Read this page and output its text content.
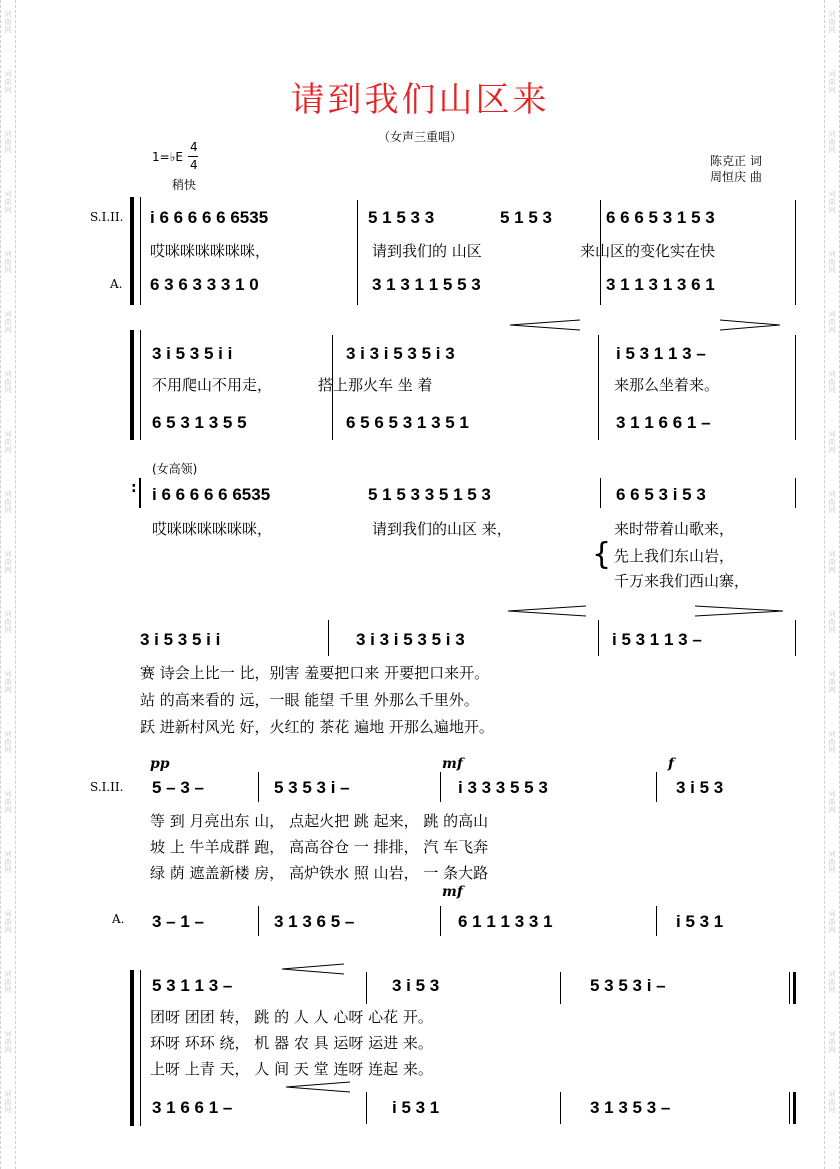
词曲网
词曲网
词曲网
词曲网
词曲网
词曲网
词曲网
词曲网
词曲网
词曲网
词曲网
词曲网
词曲网
词曲网
词曲网
词曲网
词曲网
词曲网
词曲网
词曲网
词曲网
词曲网
词曲网
词曲网
词曲网
词曲网
词曲网
词曲网
词曲网
词曲网
词曲网
词曲网
词曲网
词曲网
词曲网
词曲网
词曲网
词曲网
请到我们山区来
（女声三重唱）
1=♭E
4
4
稍快
陈克正 词
周恒庆 曲
S.I.II.
A.
i 6 6 6 6 6 6535	5 1 5 3 3	5 1 5 3	6 6 6 5 3 1 5 3
哎咪咪咪咪咪咪，	请到我们的 山区	来山区的变化实在快
6 3 6 3 3 3 1 0	3 1 3 1 1 5 5 3	3 1 1 3 1 3 6 1
3 i 5 3 5 i i	3 i 3 i 5 3 5 i 3	i 5 3 1 1 3 –
不用爬山不用走，	搭上那火车 坐 着	来那么坐着来。
6 5 3 1 3 5 5	6 5 6 5 3 1 3 5 1	3 1 1 6 6 1 –
(女高领)
: i 6 6 6 6 6 6535	5 1 5 3 3 5 1 5 3	6 6 5 3 i 5 3
哎咪咪咪咪咪咪，	请到我们的山区 来，	来时带着山歌来，
{ 先上我们东山岩，
千万来我们西山寨，
3 i 5 3 5 i i	3 i 3 i 5 3 5 i 3	i 5 3 1 1 3 –
赛 诗会上比一 比，别害 羞要把口来 开要把口来开。
站 的高来看的 远，一眼 能望 千里 外那么千里外。
跃 进新村风光 好，火红的 茶花 遍地 开那么遍地开。
S.I.II.
A.
pp	mf	f
mf
5 – 3 –	5 3 5 3 i –	i 3 3 3 5 5 3	3 i 5 3
等 到 月亮出东 山， 点起火把 跳 起来， 跳 的高山
坡 上 牛羊成群 跑， 高高谷仓 一 排排， 汽 车飞奔
绿 荫 遮盖新楼 房， 高炉铁水 照 山岩， 一 条大路
3 – 1 –	3 1 3 6 5 –	6 1 1 1 3 3 1	i 5 3 1
5 3 1 1 3 –	3 i 5 3	5 3 5 3 i –
团呀 团团 转， 跳 的 人 人 心呀 心花 开。
环呀 环环 绕， 机 器 农 具 运呀 运进 来。
上呀 上青 天， 人 间 天 堂 连呀 连起 来。
3 1 6 6 1 –	i 5 3 1	3 1 3 5 3 –
